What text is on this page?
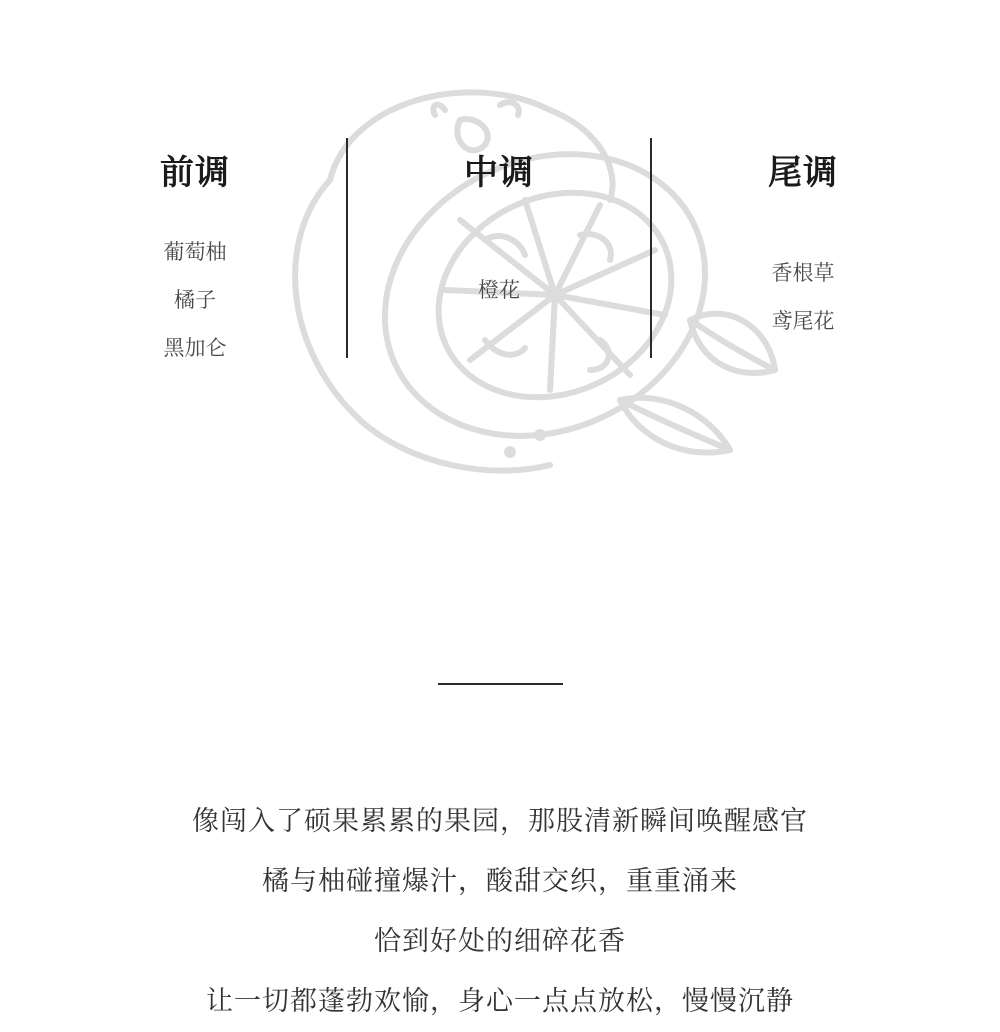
前调
葡萄柚
橘子
黑加仑
中调
橙花
尾调
香根草
鸢尾花
像闯入了硕果累累的果园，那股清新瞬间唤醒感官
橘与柚碰撞爆汁，酸甜交织，重重涌来
恰到好处的细碎花香
让一切都蓬勃欢愉，身心一点点放松，慢慢沉静
